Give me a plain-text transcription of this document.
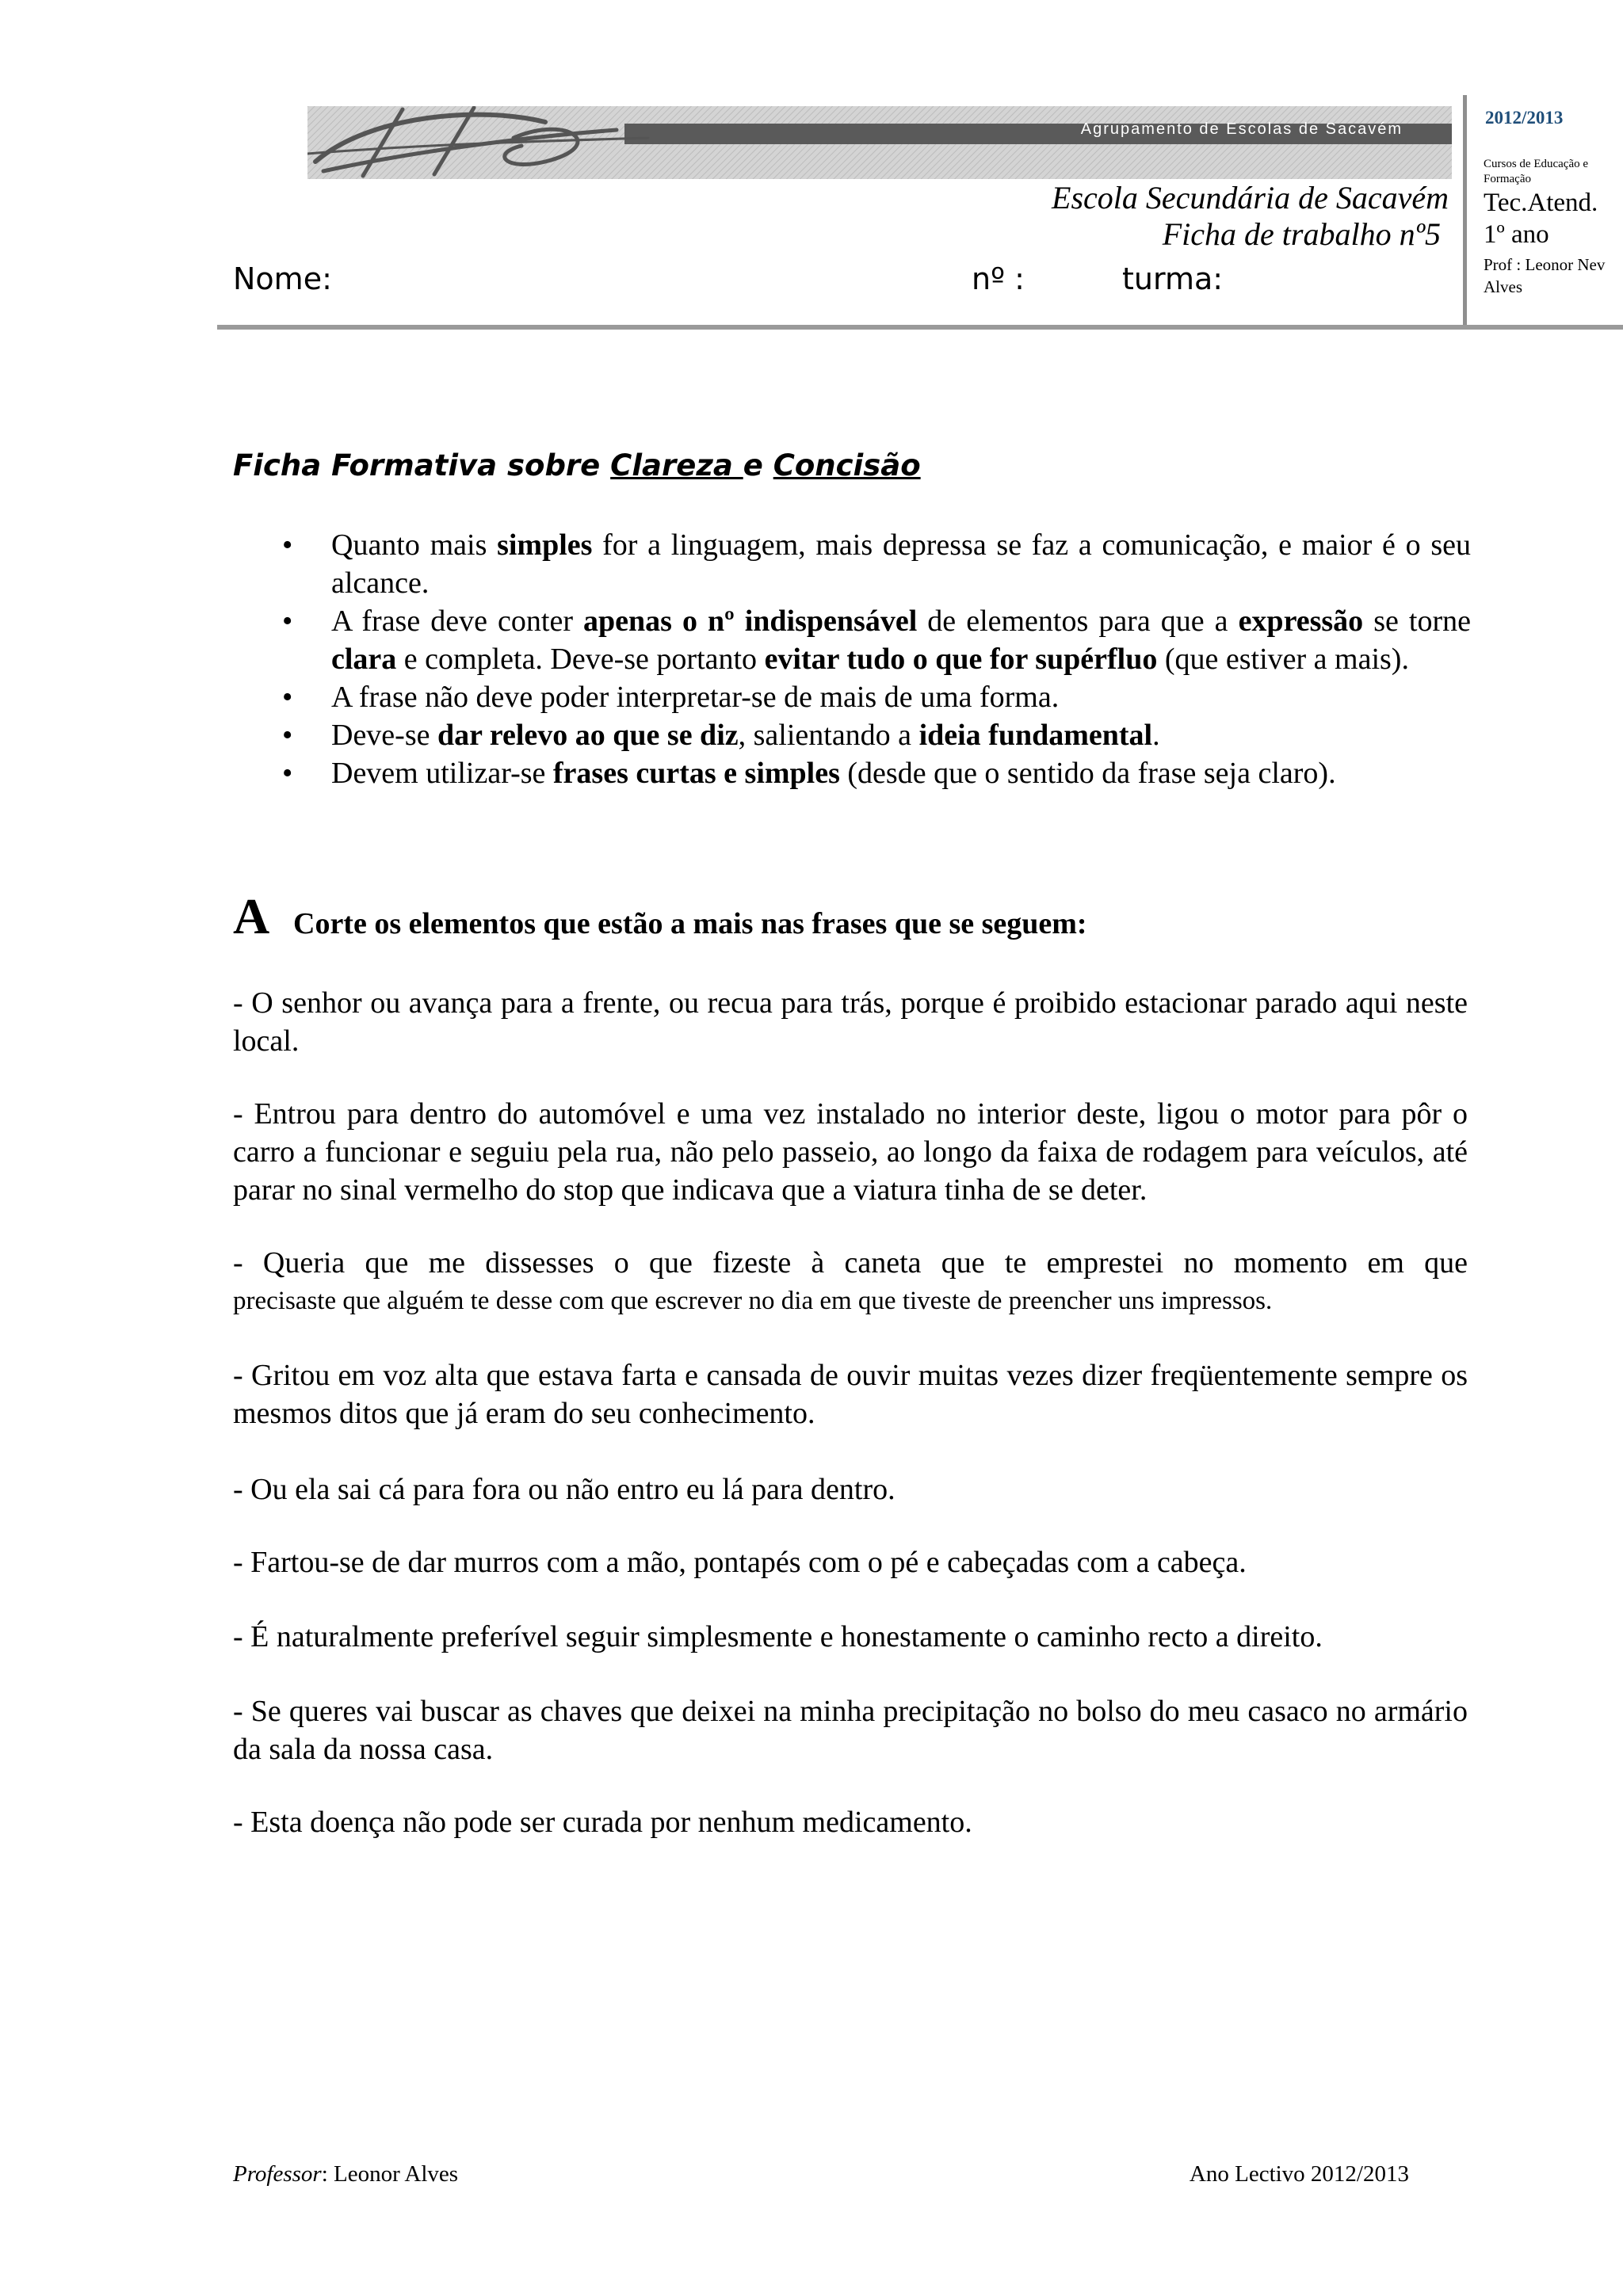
Agrupamento de Escolas de Sacavém
Escola Secundária de Sacavém
Ficha de trabalho nº5
Nome:	nº :	turma:
2012/2013
Cursos de Educação e Formação
Tec.Atend.
1º ano
Prof : Leonor Nev
Alves
Ficha Formativa sobre Clareza e Concisão
• Quanto mais simples for a linguagem, mais depressa se faz a comunicação, e maior é o seu alcance.
• A frase deve conter apenas o nº indispensável de elementos para que a expressão se torne clara e completa. Deve-se portanto evitar tudo o que for supérfluo (que estiver a mais).
• A frase não deve poder interpretar-se de mais de uma forma.
• Deve-se dar relevo ao que se diz, salientando a ideia fundamental.
• Devem utilizar-se frases curtas e simples (desde que o sentido da frase seja claro).
A Corte os elementos que estão a mais nas frases que se seguem:
- O senhor ou avança para a frente, ou recua para trás, porque é proibido estacionar parado aqui neste local.
- Entrou para dentro do automóvel e uma vez instalado no interior deste, ligou o motor para pôr o carro a funcionar e seguiu pela rua, não pelo passeio, ao longo da faixa de rodagem para veículos, até parar no sinal vermelho do stop que indicava que a viatura tinha de se deter.
- Queria que me dissesses o que fizeste à caneta que te emprestei no momento em que
precisaste que alguém te desse com que escrever no dia em que tiveste de preencher uns impressos.
- Gritou em voz alta que estava farta e cansada de ouvir muitas vezes dizer freqüentemente sempre os mesmos ditos que já eram do seu conhecimento.
- Ou ela sai cá para fora ou não entro eu lá para dentro.
- Fartou-se de dar murros com a mão, pontapés com o pé e cabeçadas com a cabeça.
- É naturalmente preferível seguir simplesmente e honestamente o caminho recto a direito.
- Se queres vai buscar as chaves que deixei na minha precipitação no bolso do meu casaco no armário da sala da nossa casa.
- Esta doença não pode ser curada por nenhum medicamento.
Professor: Leonor Alves	Ano Lectivo 2012/2013
